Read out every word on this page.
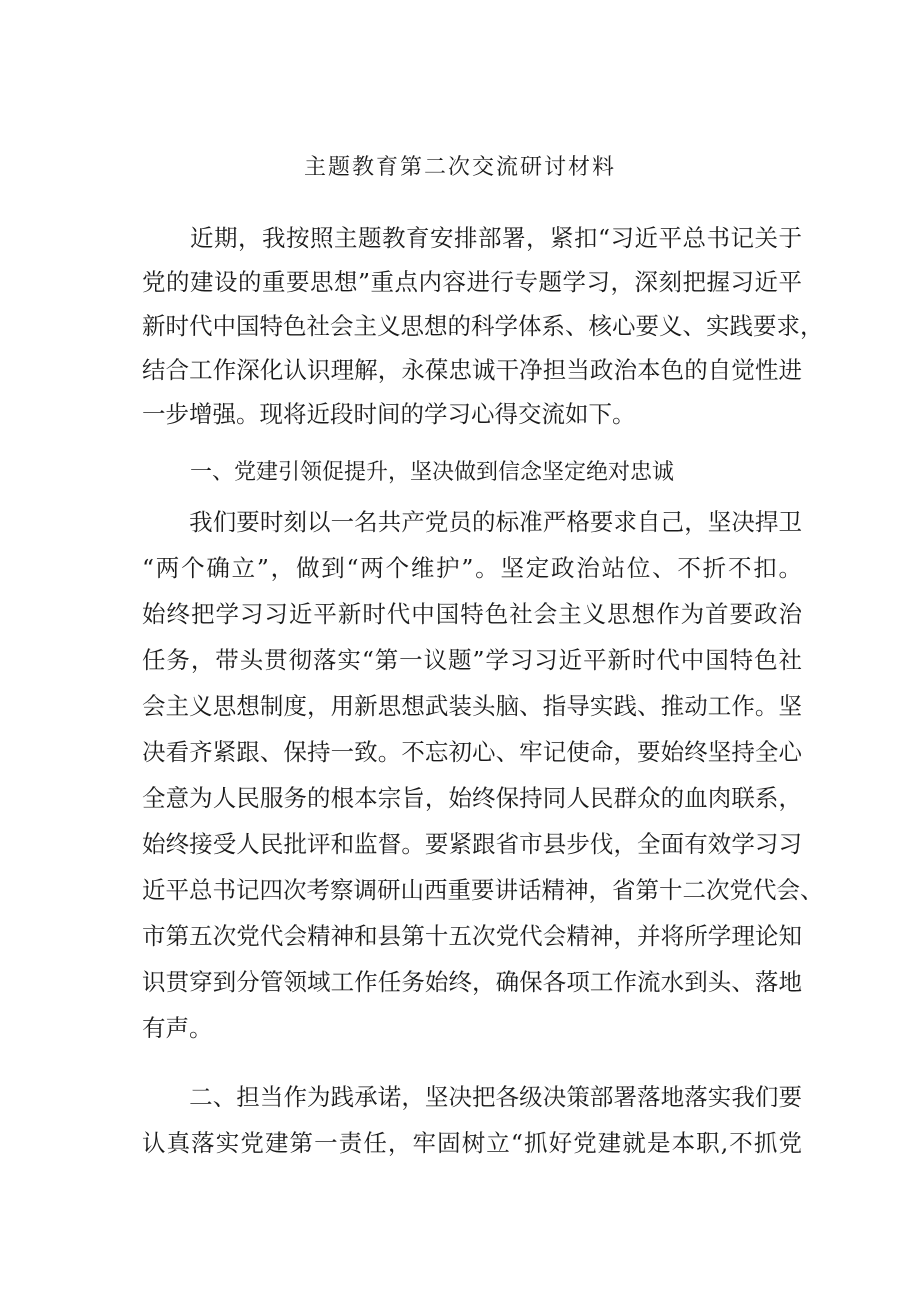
主题教育第二次交流研讨材料
　　近期，我按照主题教育安排部署，紧扣“习近平总书记关于
党的建设的重要思想”重点内容进行专题学习，深刻把握习近平
新时代中国特色社会主义思想的科学体系、核心要义、实践要求，
结合工作深化认识理解，永葆忠诚干净担当政治本色的自觉性进
一步增强。现将近段时间的学习心得交流如下。
一、党建引领促提升，坚决做到信念坚定绝对忠诚
　　我们要时刻以一名共产党员的标准严格要求自己，坚决捍卫
“两个确立”，做到“两个维护”。坚定政治站位、不折不扣。
始终把学习习近平新时代中国特色社会主义思想作为首要政治
任务，带头贯彻落实“第一议题”学习习近平新时代中国特色社
会主义思想制度，用新思想武装头脑、指导实践、推动工作。坚
决看齐紧跟、保持一致。不忘初心、牢记使命，要始终坚持全心
全意为人民服务的根本宗旨，始终保持同人民群众的血肉联系，
始终接受人民批评和监督。要紧跟省市县步伐，全面有效学习习
近平总书记四次考察调研山西重要讲话精神，省第十二次党代会、
市第五次党代会精神和县第十五次党代会精神，并将所学理论知
识贯穿到分管领域工作任务始终，确保各项工作流水到头、落地
有声。
　　二、担当作为践承诺，坚决把各级决策部署落地落实我们要
认真落实党建第一责任，牢固树立“抓好党建就是本职,不抓党
